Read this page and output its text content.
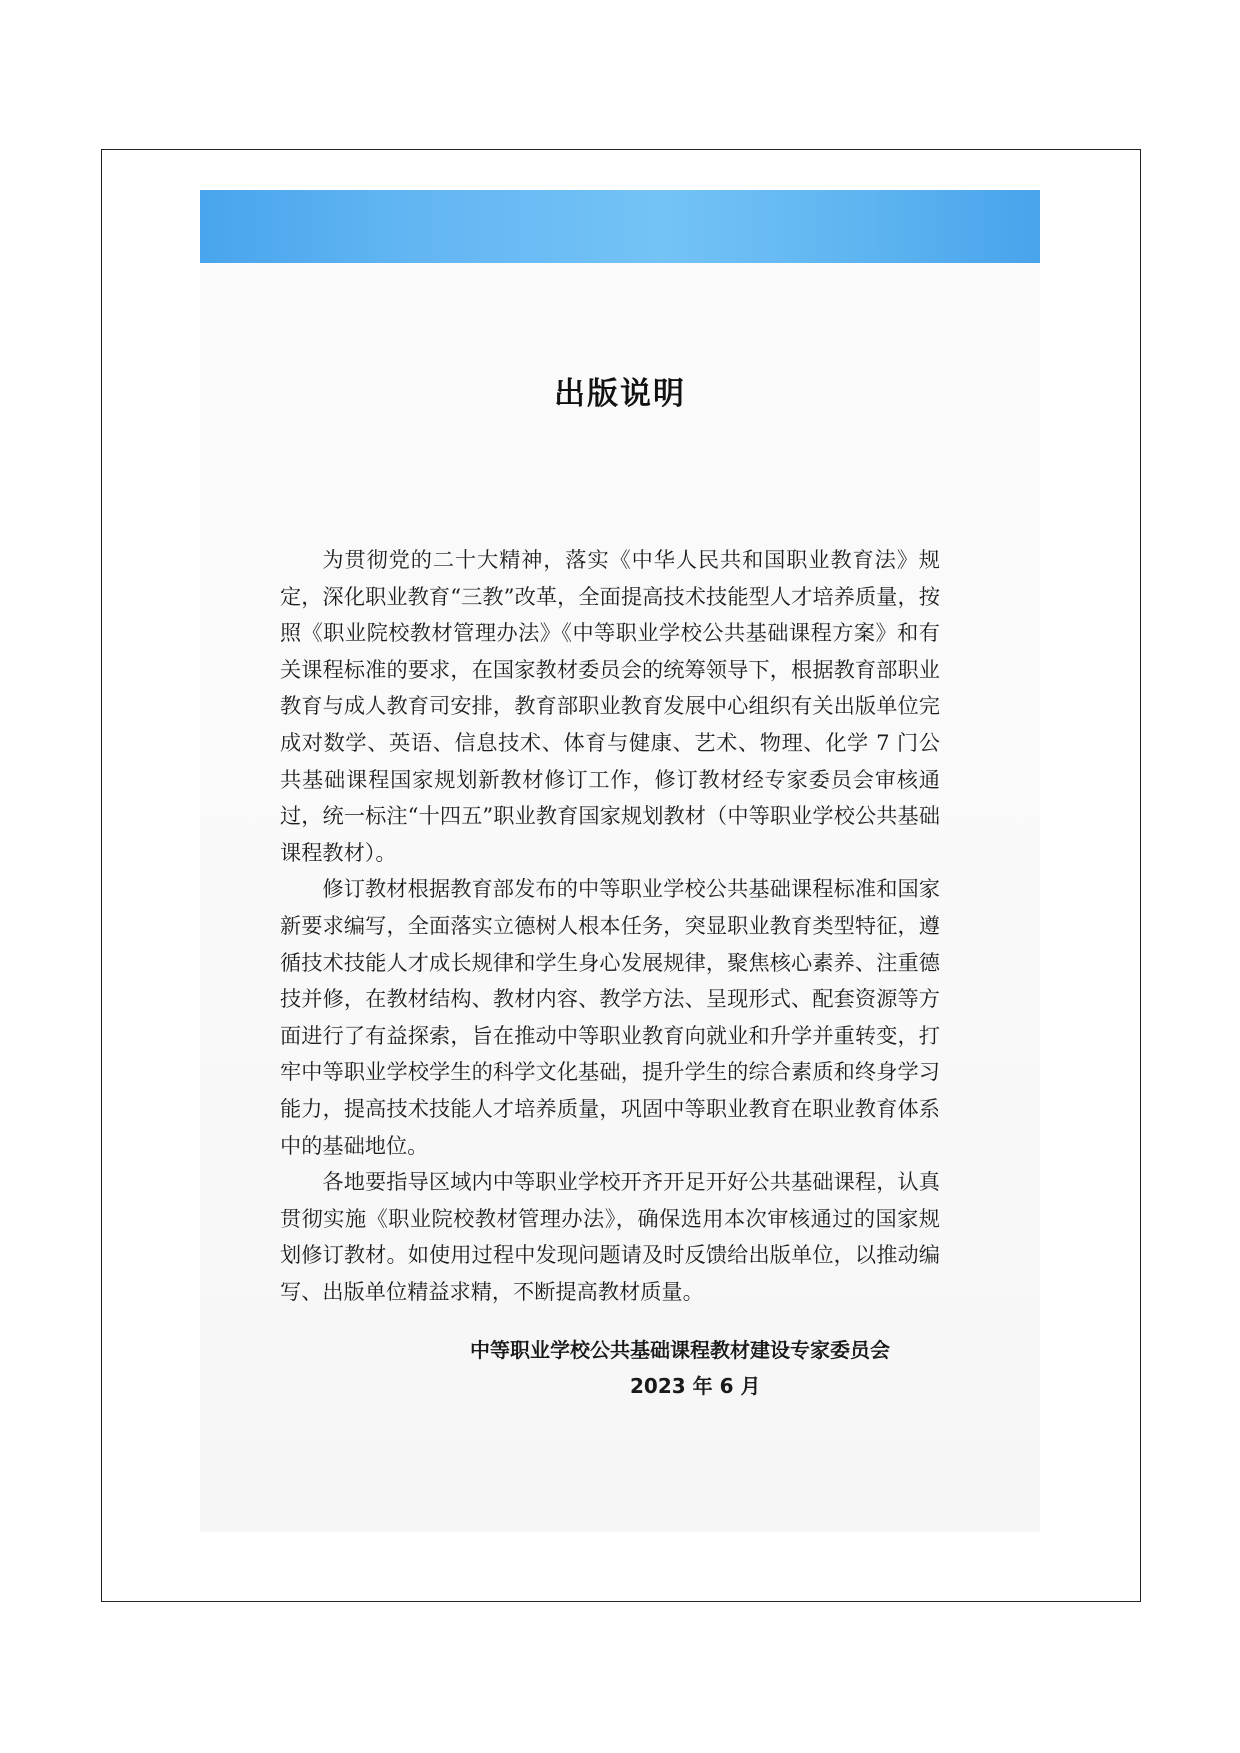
出版说明

为贯彻党的二十大精神，落实《中华人民共和国职业教育法》规定，深化职业教育“三教”改革，全面提高技术技能型人才培养质量，按照《职业院校教材管理办法》《中等职业学校公共基础课程方案》和有关课程标准的要求，在国家教材委员会的统筹领导下，根据教育部职业教育与成人教育司安排，教育部职业教育发展中心组织有关出版单位完成对数学、英语、信息技术、体育与健康、艺术、物理、化学 7 门公共基础课程国家规划新教材修订工作，修订教材经专家委员会审核通过，统一标注“十四五”职业教育国家规划教材（中等职业学校公共基础课程教材）。

修订教材根据教育部发布的中等职业学校公共基础课程标准和国家新要求编写，全面落实立德树人根本任务，突显职业教育类型特征，遵循技术技能人才成长规律和学生身心发展规律，聚焦核心素养、注重德技并修，在教材结构、教材内容、教学方法、呈现形式、配套资源等方面进行了有益探索，旨在推动中等职业教育向就业和升学并重转变，打牢中等职业学校学生的科学文化基础，提升学生的综合素质和终身学习能力，提高技术技能人才培养质量，巩固中等职业教育在职业教育体系中的基础地位。

各地要指导区域内中等职业学校开齐开足开好公共基础课程，认真贯彻实施《职业院校教材管理办法》，确保选用本次审核通过的国家规划修订教材。如使用过程中发现问题请及时反馈给出版单位，以推动编写、出版单位精益求精，不断提高教材质量。

中等职业学校公共基础课程教材建设专家委员会
2023 年 6 月
